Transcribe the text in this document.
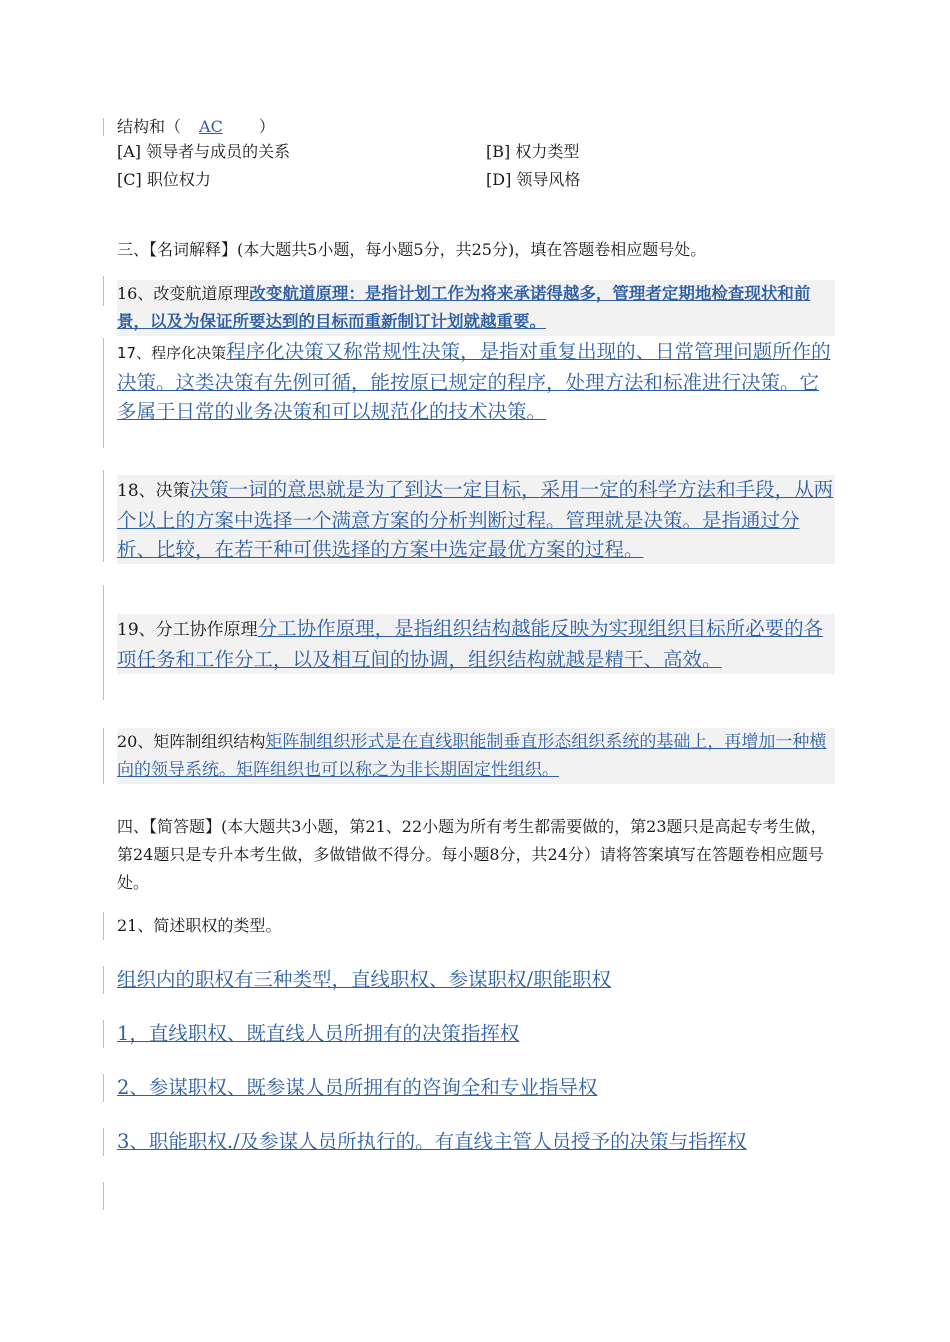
结构和（ AC ）
[A] 领导者与成员的关系	[B] 权力类型
[C] 职位权力	[D] 领导风格
三、【名词解释】(本大题共5小题，每小题5分，共25分)，填在答题卷相应题号处。
16、改变航道原理改变航道原理：是指计划工作为将来承诺得越多，管理者定期地检查现状和前景，以及为保证所要达到的目标而重新制订计划就越重要。
17、程序化决策程序化决策又称常规性决策，是指对重复出现的、日常管理问题所作的决策。这类决策有先例可循，能按原已规定的程序，处理方法和标准进行决策。它多属于日常的业务决策和可以规范化的技术决策。
18、决策决策一词的意思就是为了到达一定目标，采用一定的科学方法和手段，从两个以上的方案中选择一个满意方案的分析判断过程。管理就是决策。是指通过分析、比较，在若干种可供选择的方案中选定最优方案的过程。
19、分工协作原理分工协作原理，是指组织结构越能反映为实现组织目标所必要的各项任务和工作分工，以及相互间的协调，组织结构就越是精干、高效。
20、矩阵制组织结构矩阵制组织形式是在直线职能制垂直形态组织系统的基础上，再增加一种横向的领导系统。矩阵组织也可以称之为非长期固定性组织。
四、【简答题】(本大题共3小题，第21、22小题为所有考生都需要做的，第23题只是高起专考生做，第24题只是专升本考生做，多做错做不得分。每小题8分，共24分）请将答案填写在答题卷相应题号处。
21、简述职权的类型。
组织内的职权有三种类型，直线职权、参谋职权/职能职权
1，直线职权、既直线人员所拥有的决策指挥权
2、参谋职权、既参谋人员所拥有的咨询全和专业指导权
3、职能职权./及参谋人员所执行的。有直线主管人员授予的决策与指挥权
